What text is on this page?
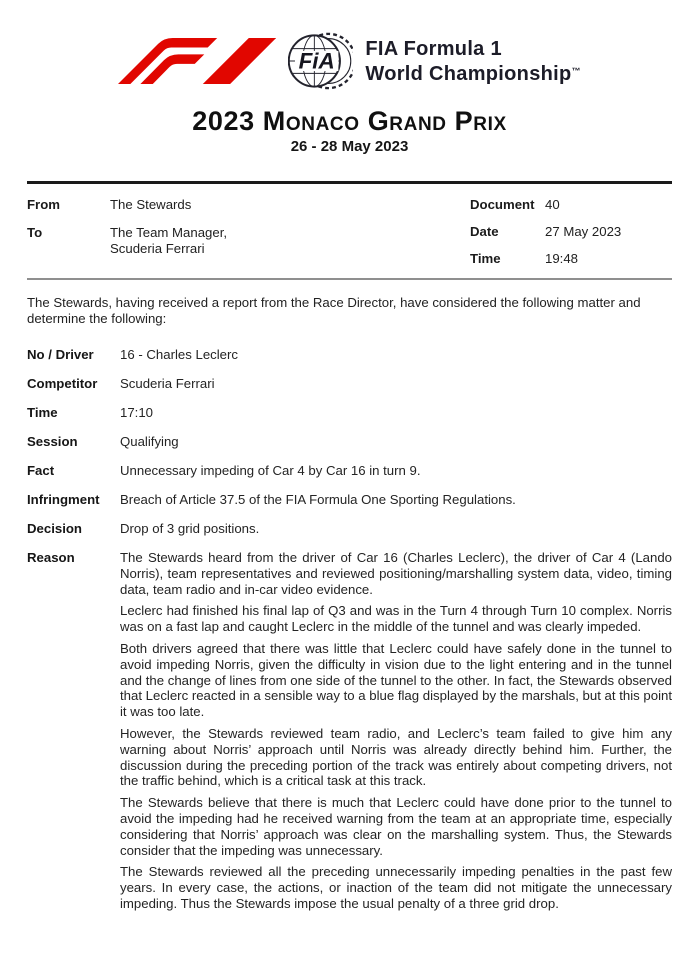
FiA
FIA Formula 1
World Championship™
2023 Monaco Grand Prix
26 - 28 May 2023
From	The Stewards
To	The Team Manager,
Scuderia Ferrari
Document 40
Date	27 May 2023
Time	19:48
The Stewards, having received a report from the Race Director, have considered the following matter and determine the following:
No / Driver	16 - Charles Leclerc
Competitor	Scuderia Ferrari
Time	17:10
Session	Qualifying
Fact	Unnecessary impeding of Car 4 by Car 16 in turn 9.
Infringment	Breach of Article 37.5 of the FIA Formula One Sporting Regulations.
Decision	Drop of 3 grid positions.
Reason	The Stewards heard from the driver of Car 16 (Charles Leclerc), the driver of Car 4 (Lando Norris), team representatives and reviewed positioning/marshalling system data, video, timing data, team radio and in-car video evidence.

Leclerc had finished his final lap of Q3 and was in the Turn 4 through Turn 10 complex. Norris was on a fast lap and caught Leclerc in the middle of the tunnel and was clearly impeded.

Both drivers agreed that there was little that Leclerc could have safely done in the tunnel to avoid impeding Norris, given the difficulty in vision due to the light entering and in the tunnel and the change of lines from one side of the tunnel to the other. In fact, the Stewards observed that Leclerc reacted in a sensible way to a blue flag displayed by the marshals, but at this point it was too late.

However, the Stewards reviewed team radio, and Leclerc’s team failed to give him any warning about Norris’ approach until Norris was already directly behind him. Further, the discussion during the preceding portion of the track was entirely about competing drivers, not the traffic behind, which is a critical task at this track.

The Stewards believe that there is much that Leclerc could have done prior to the tunnel to avoid the impeding had he received warning from the team at an appropriate time, especially considering that Norris’ approach was clear on the marshalling system. Thus, the Stewards consider that the impeding was unnecessary.

The Stewards reviewed all the preceding unnecessarily impeding penalties in the past few years. In every case, the actions, or inaction of the team did not mitigate the unnecessary impeding. Thus the Stewards impose the usual penalty of a three grid drop.
